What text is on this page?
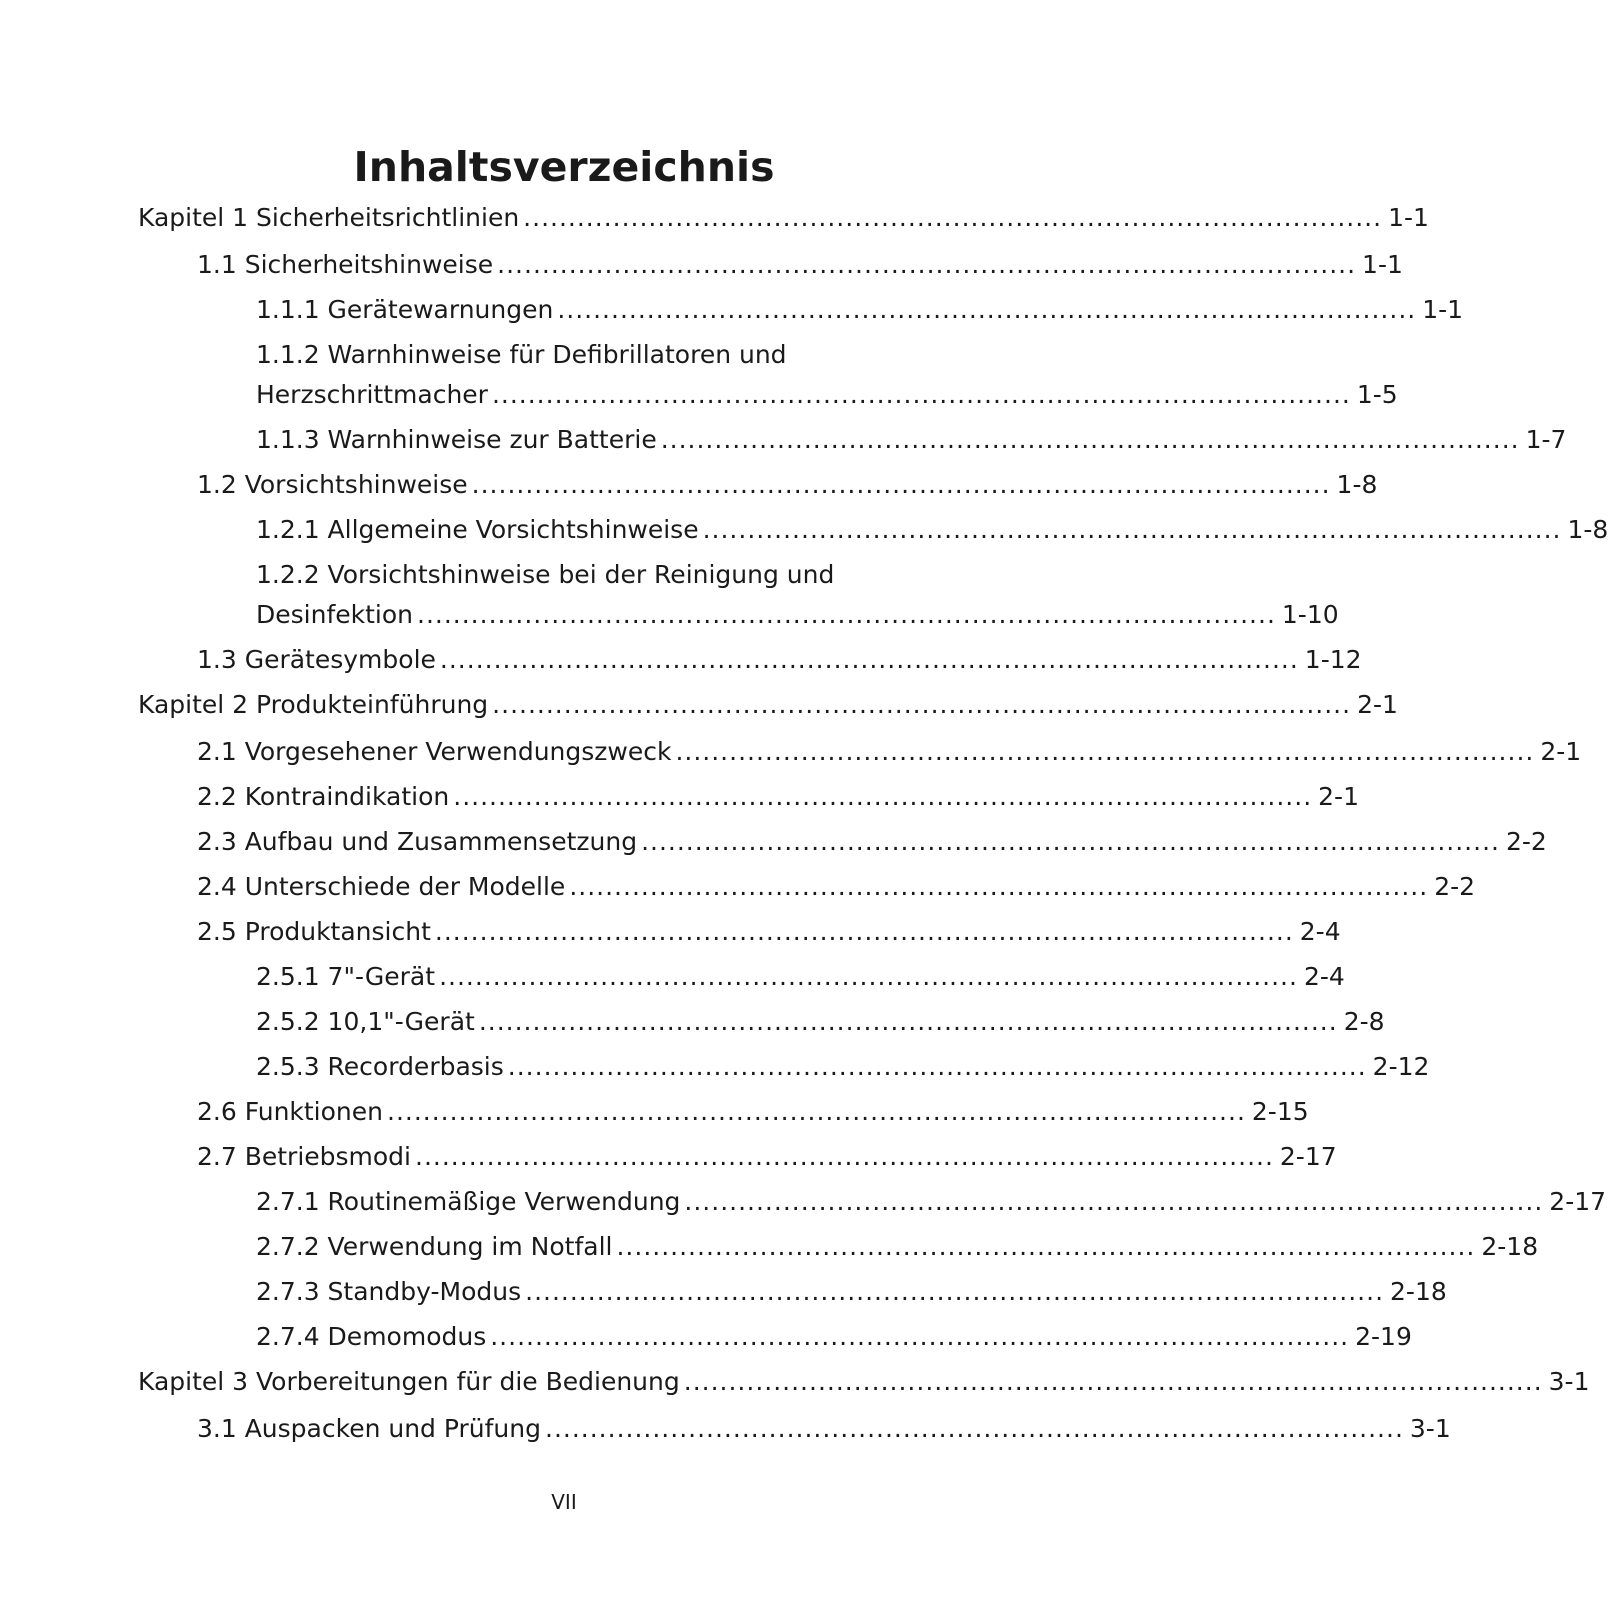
Inhaltsverzeichnis
Kapitel 1 Sicherheitsrichtlinien ................................................................................................ 1-1
1.1 Sicherheitshinweise ................................................................................................ 1-1
1.1.1 Gerätewarnungen ................................................................................................ 1-1
1.1.2 Warnhinweise für Defibrillatoren und
Herzschrittmacher ................................................................................................ 1-5
1.1.3 Warnhinweise zur Batterie ................................................................................................ 1-7
1.2 Vorsichtshinweise ................................................................................................ 1-8
1.2.1 Allgemeine Vorsichtshinweise ................................................................................................ 1-8
1.2.2 Vorsichtshinweise bei der Reinigung und
Desinfektion ................................................................................................ 1-10
1.3 Gerätesymbole ................................................................................................ 1-12
Kapitel 2 Produkteinführung ................................................................................................ 2-1
2.1 Vorgesehener Verwendungszweck ................................................................................................ 2-1
2.2 Kontraindikation ................................................................................................ 2-1
2.3 Aufbau und Zusammensetzung ................................................................................................ 2-2
2.4 Unterschiede der Modelle ................................................................................................ 2-2
2.5 Produktansicht ................................................................................................ 2-4
2.5.1 7"-Gerät ................................................................................................ 2-4
2.5.2 10,1"-Gerät ................................................................................................ 2-8
2.5.3 Recorderbasis ................................................................................................ 2-12
2.6 Funktionen ................................................................................................ 2-15
2.7 Betriebsmodi ................................................................................................ 2-17
2.7.1 Routinemäßige Verwendung ................................................................................................ 2-17
2.7.2 Verwendung im Notfall ................................................................................................ 2-18
2.7.3 Standby-Modus ................................................................................................ 2-18
2.7.4 Demomodus ................................................................................................ 2-19
Kapitel 3 Vorbereitungen für die Bedienung ................................................................................................ 3-1
3.1 Auspacken und Prüfung ................................................................................................ 3-1
VII
